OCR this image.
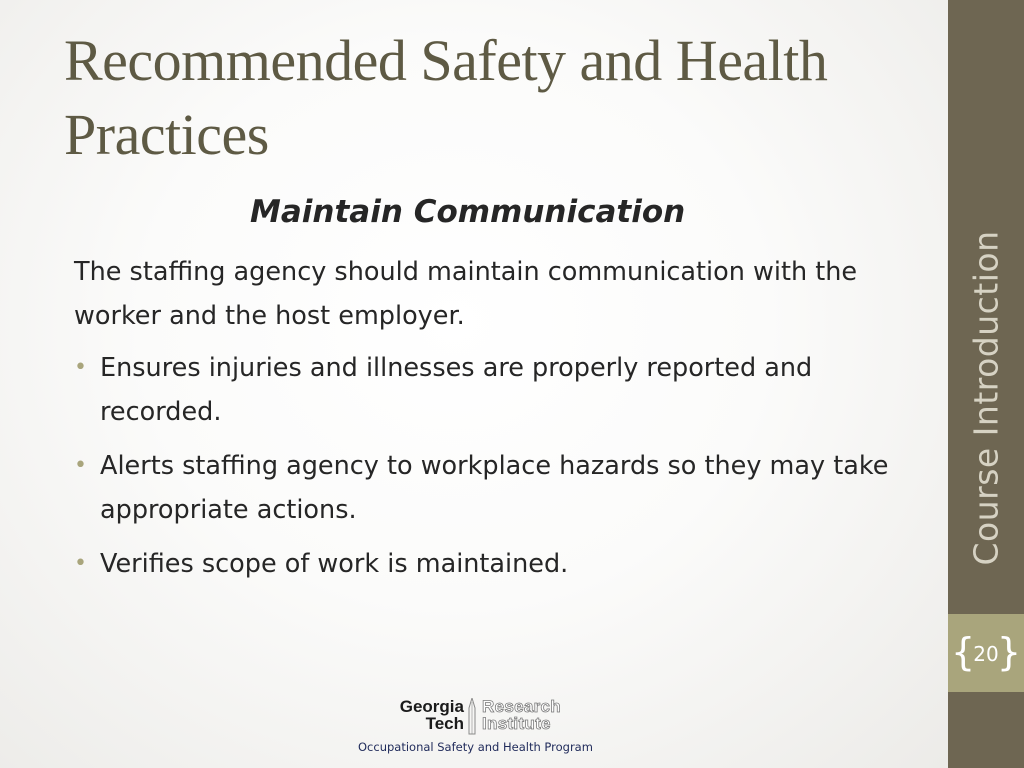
Recommended Safety and Health Practices
Maintain Communication

The staffing agency should maintain communication with the worker and the host employer.

• Ensures injuries and illnesses are properly reported and recorded.
• Alerts staffing agency to workplace hazards so they may take appropriate actions.
• Verifies scope of work is maintained.
Georgia
Tech
Research
Institute
Occupational Safety and Health Program
Course Introduction
{
20
}
